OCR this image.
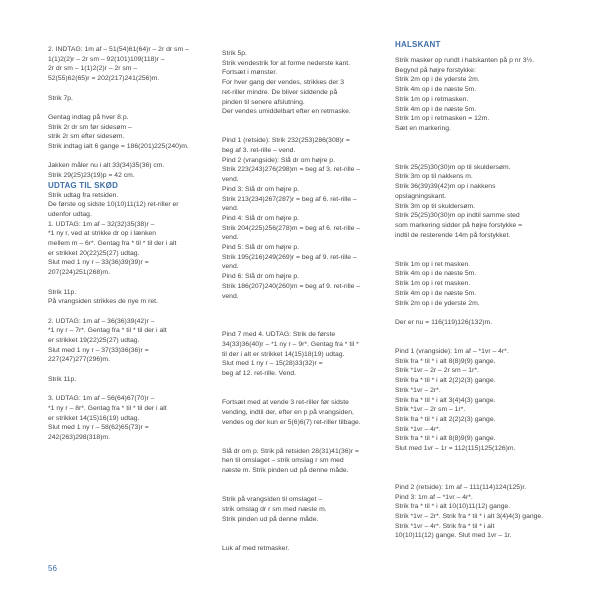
2. INDTAG: 1m af – 51(54)61(64)r – 2r dr sm –
1(1)2(2)r – 2r sm – 92(101)109(118)r –
2r dr sm – 1(1)2(2)r – 2r sm –
52(55)62(65)r = 202(217)241(256)m.

Strik 7p.

Gentag indtag på hver 8.p.
Strik 2r dr sm før sidesøm –
strik 2r sm efter sidesøm.
Strik indtag ialt 6 gange = 186(201)225(240)m.

Jakken måler nu i alt 33(34)35(36) cm.
Strik 29(25)23(19)p = 42 cm.

UDTAG TIL SKØD

Strik udtag fra retsiden.
De første og sidste 10(10)11(12) ret-riller er
udenfor udtag.

1. UDTAG: 1m af – 32(32)35(38)r –
*1 ny r, ved at strikke dr op i lænken
mellem m – 6r*. Gentag fra * til * til der i alt
er strikket 20(22)25(27) udtag.
Slut med 1 ny r – 33(36)39(39)r =
207(224)251(268)m.

Strik 11p.
På vrangsiden strikkes de nye m ret.

2. UDTAG: 1m af – 36(36)39(42)r –
*1 ny r – 7r*. Gentag fra * til * til der i alt
er strikket 19(22)25(27) udtag.
Slut med 1 ny r – 37(33)36(36)r =
227(247)277(296)m.

Strik 11p.

3. UDTAG: 1m af – 56(64)67(70)r –
*1 ny r – 8r*. Gentag fra * til * til der i alt
er strikket 14(15)16(19) udtag.
Slut med 1 ny r – 58(62)65(73)r =
242(263)298(318)m.

Strik 5p.
Strik vendestrik for at forme nederste kant.
Fortsæt i mønster.
For hver gang der vendes, strikkes der 3
ret-riller mindre. De bliver siddende på
pinden til senere afslutning.
Der vendes umiddelbart efter en retmaske.

Pind 1 (retside): Strik 232(253)286(308)r =
beg af 3. ret-rille – vend.
Pind 2 (vrangside): Slå dr om højre p.
Strik 223(243)276(298)m = beg af 3. ret-rille –
vend.
Pind 3: Slå dr om højre p.
Strik 213(234)267(287)r = beg af 6. ret-rille –
vend.
Pind 4: Slå dr om højre p.
Strik 204(225)256(278)m = beg af 6. ret-rille –
vend.
Pind 5: Slå dr om højre p.
Strik 195(216)249(269)r = beg af 9. ret-rille –
vend.
Pind 6: Slå dr om højre p.
Strik 186(207)240(260)m = beg af 9. ret-rille –
vend.

Pind 7 med 4. UDTAG: Strik de første
34(33)36(40)r – *1 ny r – 9r*. Gentag fra * til *
til der i alt er strikket 14(15)18(19) udtag.
Slut med 1 ny r – 15(28)33(32)r =
beg af 12. ret-rille. Vend.

Fortsæt med at vende 3 ret-riller før sidste
vending, indtil der, efter en p på vrangsiden,
vendes og der kun er 5(6)6(7) ret-riller tilbage.

Slå dr om p. Strik på retsiden 28(31)41(36)r =
hen til omslaget – strik omslag r sm med
næste m. Strik pinden ud på denne måde.

Strik på vrangsiden til omslaget –
strik omslag dr r sm med næste m.
Strik pinden ud på denne måde.

Luk af med retmasker.

HALSKANT

Strik masker op rundt i halskanten på p nr 3½.
Begynd på højre forstykke:
Strik 2m op i de yderste 2m.
Strik 4m op i de næste 5m.
Strik 1m op i retmasken.
Strik 4m op i de næste 5m.
Strik 1m op i retmasken = 12m.
Sæt en markering.

Strik 25(25)30(30)m op til skuldersøm.
Strik 3m op til nakkens m.
Strik 36(39)39(42)m op i nakkens
opslagningskant.
Strik 3m op til skuldersøm.
Strik 25(25)30(30)m op indtil samme sted
som markering sidder på højre forstykke =
indtil de resterende 14m på forstykket.

Strik 1m op i ret masken.
Strik 4m op i de næste 5m.
Strik 1m op i ret masken.
Strik 4m op i de næste 5m.
Strik 2m op i de yderste 2m.

Der er nu = 116(119)126(132)m.

Pind 1 (vrangside): 1m af – *1vr – 4r*.
Strik fra * til * i alt 8(8)9(9) gange.
Strik *1vr – 2r – 2r sm – 1r*.
Strik fra * til * i alt 2(2)2(3) gange.
Strik *1vr – 2r*.
Strik fra * til * i alt 3(4)4(3) gange.
Strik *1vr – 2r sm – 1r*.
Strik fra * til * i alt 2(2)2(3) gange.
Strik *1vr – 4r*.
Strik fra * til * i alt 8(8)9(9) gange.
Slut med 1vr – 1r = 112(115)125(126)m.

Pind 2 (retside): 1m af – 111(114)124(125)r.
Pind 3: 1m af – *1vr – 4r*.
Strik fra * til * i alt 10(10)11(12) gange.
Strik *1vr – 2r*. Strik fra * til * i alt 3(4)4(3) gange.
Strik *1vr – 4r*. Strik fra * til * i alt
10(10)11(12) gange. Slut med 1vr – 1r.

56
